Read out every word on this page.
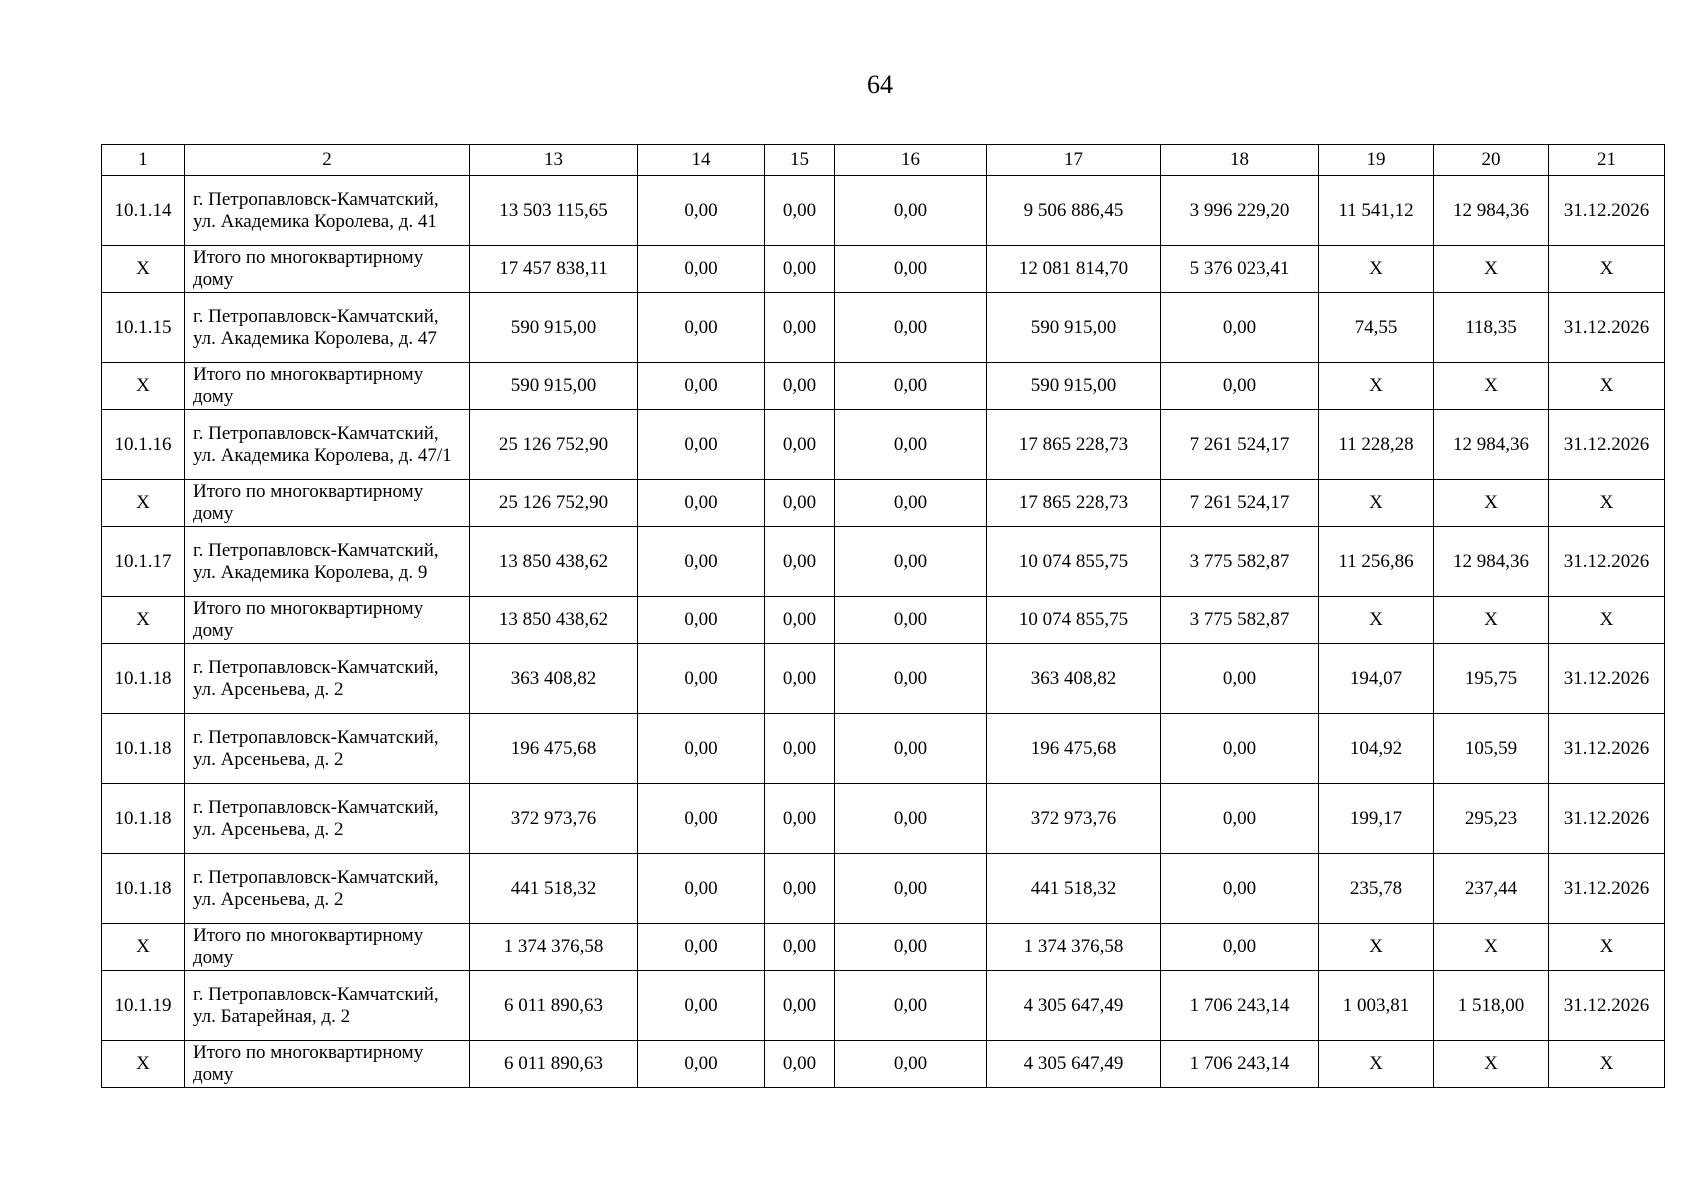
64
1	2	13	14	15	16	17	18	19	20	21
10.1.14	г. Петропавловск-Камчатский, ул. Академика Королева, д. 41	13 503 115,65	0,00	0,00	0,00	9 506 886,45	3 996 229,20	11 541,12	12 984,36	31.12.2026
X	Итого по многоквартирному дому	17 457 838,11	0,00	0,00	0,00	12 081 814,70	5 376 023,41	X	X	X
10.1.15	г. Петропавловск-Камчатский, ул. Академика Королева, д. 47	590 915,00	0,00	0,00	0,00	590 915,00	0,00	74,55	118,35	31.12.2026
X	Итого по многоквартирному дому	590 915,00	0,00	0,00	0,00	590 915,00	0,00	X	X	X
10.1.16	г. Петропавловск-Камчатский, ул. Академика Королева, д. 47/1	25 126 752,90	0,00	0,00	0,00	17 865 228,73	7 261 524,17	11 228,28	12 984,36	31.12.2026
X	Итого по многоквартирному дому	25 126 752,90	0,00	0,00	0,00	17 865 228,73	7 261 524,17	X	X	X
10.1.17	г. Петропавловск-Камчатский, ул. Академика Королева, д. 9	13 850 438,62	0,00	0,00	0,00	10 074 855,75	3 775 582,87	11 256,86	12 984,36	31.12.2026
X	Итого по многоквартирному дому	13 850 438,62	0,00	0,00	0,00	10 074 855,75	3 775 582,87	X	X	X
10.1.18	г. Петропавловск-Камчатский, ул. Арсеньева, д. 2	363 408,82	0,00	0,00	0,00	363 408,82	0,00	194,07	195,75	31.12.2026
10.1.18	г. Петропавловск-Камчатский, ул. Арсеньева, д. 2	196 475,68	0,00	0,00	0,00	196 475,68	0,00	104,92	105,59	31.12.2026
10.1.18	г. Петропавловск-Камчатский, ул. Арсеньева, д. 2	372 973,76	0,00	0,00	0,00	372 973,76	0,00	199,17	295,23	31.12.2026
10.1.18	г. Петропавловск-Камчатский, ул. Арсеньева, д. 2	441 518,32	0,00	0,00	0,00	441 518,32	0,00	235,78	237,44	31.12.2026
X	Итого по многоквартирному дому	1 374 376,58	0,00	0,00	0,00	1 374 376,58	0,00	X	X	X
10.1.19	г. Петропавловск-Камчатский, ул. Батарейная, д. 2	6 011 890,63	0,00	0,00	0,00	4 305 647,49	1 706 243,14	1 003,81	1 518,00	31.12.2026
X	Итого по многоквартирному дому	6 011 890,63	0,00	0,00	0,00	4 305 647,49	1 706 243,14	X	X	X
